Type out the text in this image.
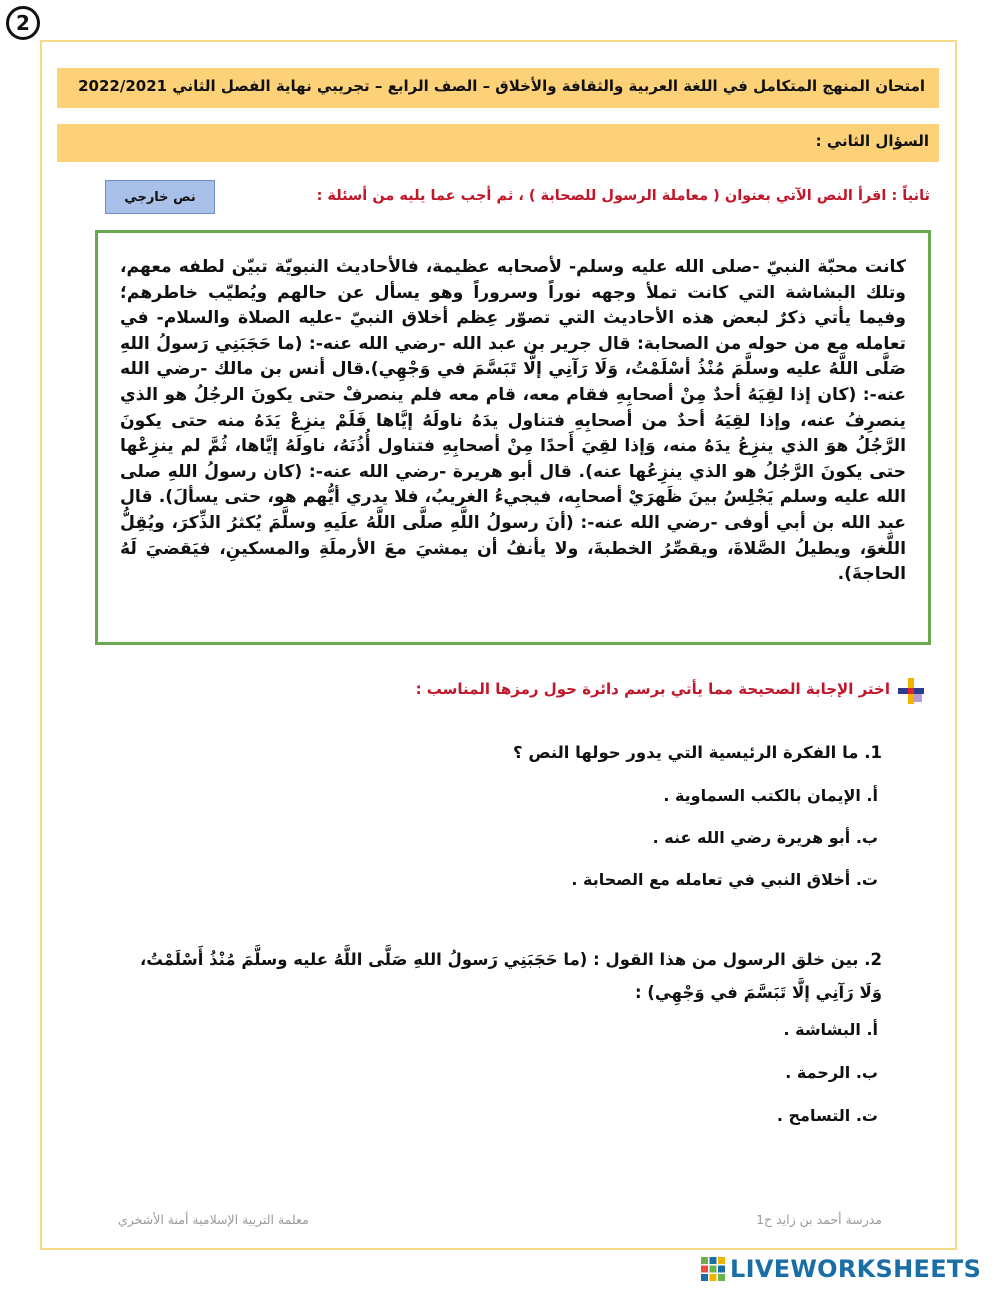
2
امتحان المنهج المتكامل في اللغة العربية والثقافة والأخلاق – الصف الرابع – تجريبي نهاية الفصل الثاني 2022/2021
السؤال الثاني :
ثانياً : اقرأ النص الآتي بعنوان ( معاملة الرسول للصحابة ) ، ثم أجب عما يليه من أسئلة :
نص خارجي
كانت محبّة النبيّ -صلى الله عليه وسلم- لأصحابه عظيمة، فالأحاديث النبويّة تبيّن لطفه معهم، وتلك البشاشة التي كانت تملأ وجهه نوراً وسروراً وهو يسأل عن حالهم ويُطيّب خاطرهم؛ وفيما يأتي ذكرٌ لبعض هذه الأحاديث التي تصوّر عِظم أخلاق النبيّ -عليه الصلاة والسلام- في تعامله مع من حوله من الصحابة: قال جرير بن عبد الله -رضي الله عنه-: (ما حَجَبَنِي رَسولُ اللهِ صَلَّى اللَّهُ عليه وسلَّمَ مُنْذُ أسْلَمْتُ، وَلَا رَآنِي إلَّا تَبَسَّمَ في وَجْهِي).قال أنس بن مالك -رضي الله عنه-: (كان إذا لقِيَهُ أحدٌ مِنْ أصحابِهِ فقام معه، قام معه فلم ينصرفْ حتى يكونَ الرجُلُ هو الذي ينصرِفُ عنه، وإذا لقِيَهُ أحدٌ من أصحابِهِ فتناول يدَهُ ناولَهُ إيَّاها فَلَمْ ينزِعْ يَدَهُ منه حتى يكونَ الرَّجُلُ هوَ الذي ينزِعُ يدَهُ منه، وَإذا لقِيَ أَحدًا مِنْ أصحابِهِ فتناول أُذُنَهُ، ناولَهُ إيَّاها، ثُمَّ لم ينزِعْها حتى يكونَ الرَّجُلُ هو الذي ينزِعُها عنه). قال أبو هريرة -رضي الله عنه-: (كان رسولُ اللهِ صلى الله عليه وسلم يَجْلِسُ بينَ ظَهرَيْ أصحابِه، فيجيءُ الغريبُ، فلا يدري أيُّهم هو، حتى يسألَ). قال عبد الله بن أبي أوفى -رضي الله عنه-: (أنَ رسولُ اللَّهِ صلَّى اللَّهُ علَيهِ وسلَّمَ يُكثرُ الذِّكرَ، ويُقِلُّ اللَّغوَ، ويطيلُ الصَّلاةَ، ويقصِّرُ الخطبةَ، ولا يأنفُ أن يمشيَ معَ الأرملَةِ والمسكينِ، فيَقضيَ لَهُ الحاجةَ).
اختر الإجابة الصحيحة مما يأتي برسم دائرة حول رمزها المناسب :
1. ما الفكرة الرئيسية التي يدور حولها النص ؟
أ. الإيمان بالكتب السماوية .
ب. أبو هريرة رضي الله عنه .
ت. أخلاق النبي في تعامله مع الصحابة .
2. بين خلق الرسول من هذا القول : (ما حَجَبَنِي رَسولُ اللهِ صَلَّى اللَّهُ عليه وسلَّمَ مُنْذُ أَسْلَمْتُ، وَلَا رَآنِي إلَّا تَبَسَّمَ في وَجْهِي) :
أ. البشاشة .
ب. الرحمة .
ت. التسامح .
معلمة التربية الإسلامية أمنة الأشخري	مدرسة أحمد بن زايد ح1
LIVEWORKSHEETS
